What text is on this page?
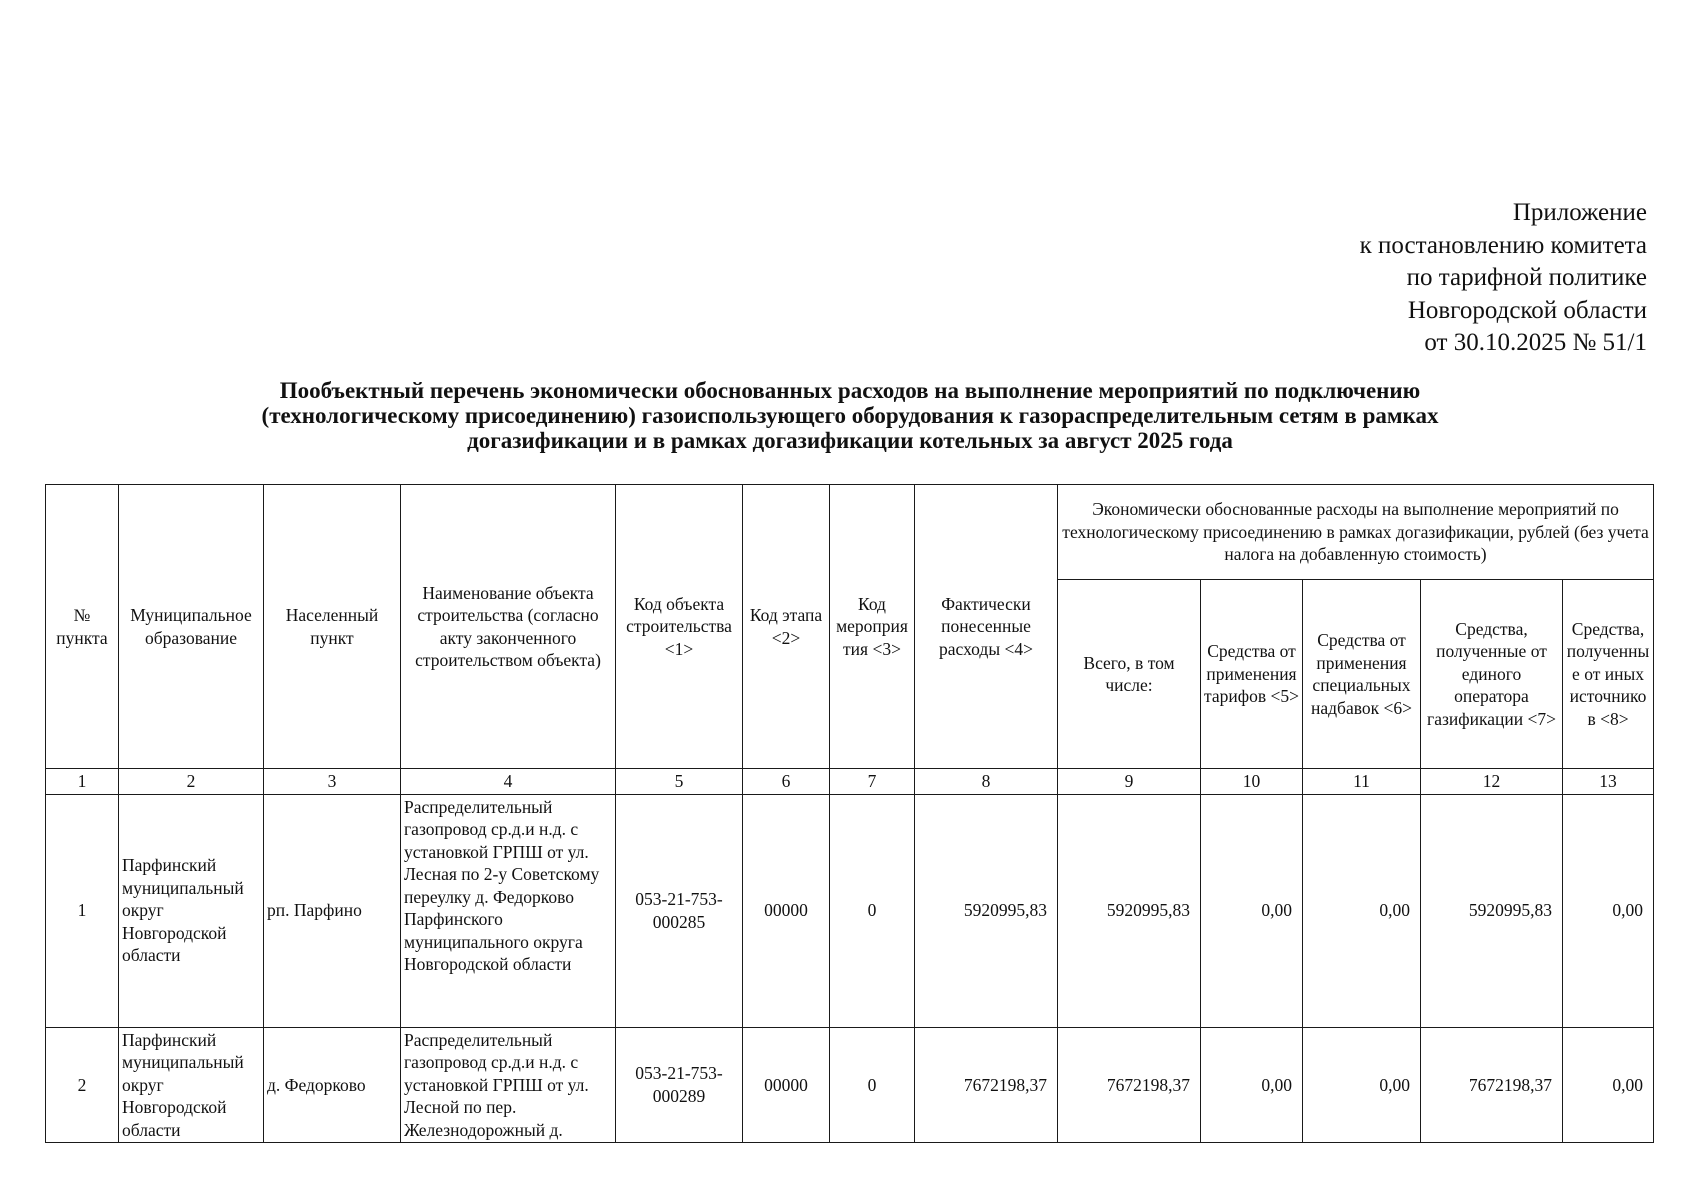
Приложение
к постановлению комитета
по тарифной политике
Новгородской области
от 30.10.2025 № 51/1
Пообъектный перечень экономически обоснованных расходов на выполнение мероприятий по подключению
(технологическому присоединению) газоиспользующего оборудования к газораспределительным сетям в рамках
догазификации и в рамках догазификации котельных за август 2025 года
№ пункта	Муниципальное образование	Населенный пункт	Наименование объекта строительства (согласно акту законченного строительством объекта)	Код объекта строительства <1>	Код этапа <2>	Код мероприятия <3>	Фактически понесенные расходы <4>	Экономически обоснованные расходы на выполнение мероприятий по технологическому присоединению в рамках догазификации, рублей (без учета налога на добавленную стоимость)				
								Всего, в том числе:	Средства от применения тарифов <5>	Средства от применения специальных надбавок <6>	Средства, полученные от единого оператора газификации <7>	Средства, полученные от иных источников <8>
1	2	3	4	5	6	7	8	9	10	11	12	13
1	Парфинский муниципальный округ Новгородской области	рп. Парфино	Распределительный газопровод ср.д.и н.д. с установкой ГРПШ от ул. Лесная по 2-у Советскому переулку д. Федорково Парфинского муниципального округа Новгородской области	053-21-753-000285	00000	0	5920995,83	5920995,83	0,00	0,00	5920995,83	0,00
2	Парфинский муниципальный округ Новгородской области	д. Федорково	Распределительный газопровод ср.д.и н.д. с установкой ГРПШ от ул. Лесной по пер. Железнодорожный д.	053-21-753-000289	00000	0	7672198,37	7672198,37	0,00	0,00	7672198,37	0,00
